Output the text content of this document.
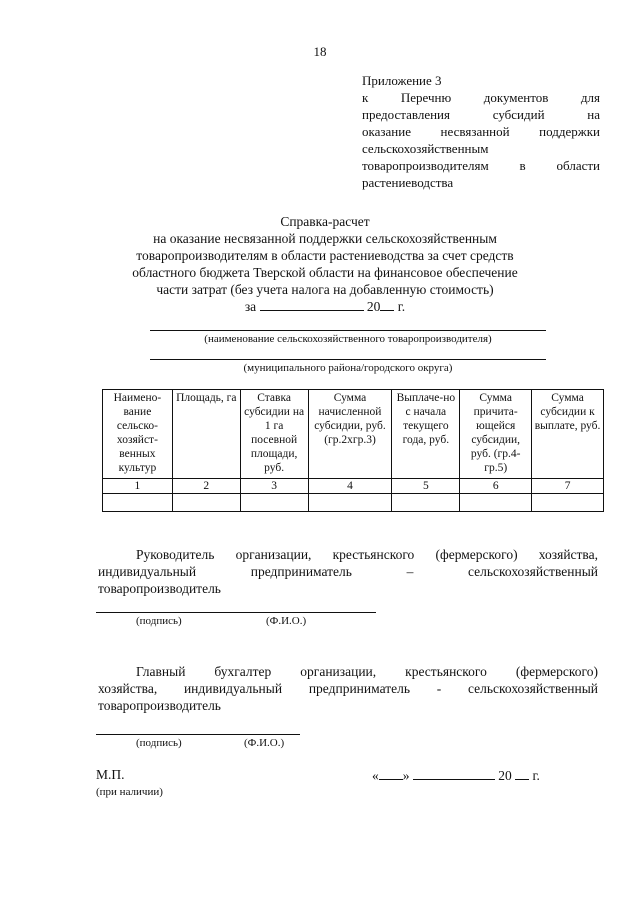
18
Приложение 3
к Перечню документов для
предоставления субсидий на
оказание несвязанной поддержки
сельскохозяйственным
товаропроизводителям в области
растениеводства
Справка-расчет
на оказание несвязанной поддержки сельскохозяйственным
товаропроизводителям в области растениеводства за счет средств
областного бюджета Тверской области на финансовое обеспечение
части затрат (без учета налога на добавленную стоимость)
за	20 г.
(наименование сельскохозяйственного товаропроизводителя)
(муниципального района/городского округа)
Наимено-вание сельско-хозяйст-венных культур	Площадь, га	Ставка субсидии на 1 га посевной площади, руб.	Сумма начисленной субсидии, руб. (гр.2хгр.3)	Выплаче-но с начала текущего года, руб.	Сумма причита-ющейся субсидии, руб. (гр.4-гр.5)	Сумма субсидии к выплате, руб.
1	2	3	4	5	6	7

Руководитель организации, крестьянского (фермерского) хозяйства,
индивидуальный предприниматель – сельскохозяйственный
товаропроизводитель
(подпись)	(Ф.И.О.)
Главный бухгалтер организации, крестьянского (фермерского)
хозяйства, индивидуальный предприниматель - сельскохозяйственный
товаропроизводитель
(подпись)	(Ф.И.О.)
М.П.
(при наличии)
« »	20 г.
